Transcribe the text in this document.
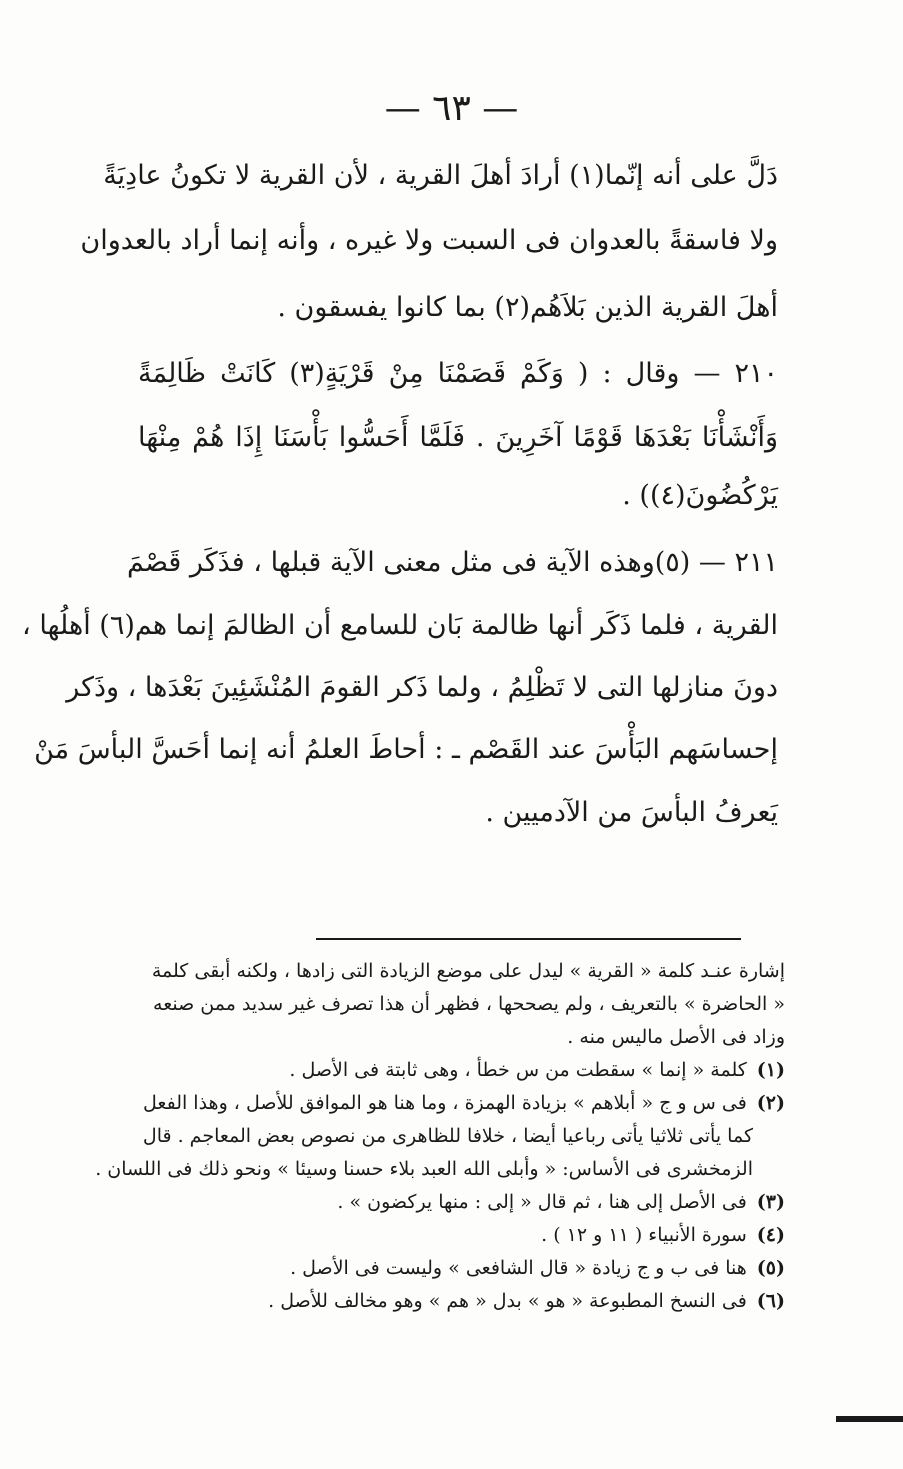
— ٦٣ —
دَلَّ على أنه إنّما(١) أرادَ أهلَ القرية ، لأن القرية لا تكونُ عادِيَةً
ولا فاسقةً بالعدوان فى السبت ولا غيره ، وأنه إنما أراد بالعدوان
أهلَ القرية الذين بَلاَهُم(٢) بما كانوا يفسقون .
٢١٠ — وقال : ( وَكَمْ قَصَمْنَا مِنْ قَرْيَةٍ(٣) كَانَتْ ظَالِمَةً
وَأَنْشَأْنَا بَعْدَهَا قَوْمًا آخَرِينَ . فَلَمَّا أَحَسُّوا بَأْسَنَا إِذَا هُمْ مِنْهَا
يَرْكُضُونَ(٤)) .
٢١١ — (٥)وهذه الآية فى مثل معنى الآية قبلها ، فذَكَر قَصْمَ
القرية ، فلما ذَكَر أنها ظالمة بَان للسامع أن الظالمَ إنما هم(٦) أهلُها ،
دونَ منازلها التى لا تَظْلِمُ ، ولما ذَكر القومَ المُنْشَئِينَ بَعْدَها ، وذَكر
إحساسَهم البَأْسَ عند القَصْم ـ : أحاطَ العلمُ أنه إنما أحَسَّ البأسَ مَنْ
يَعرفُ البأسَ من الآدميين .
إشارة عنـد كلمة « القرية » ليدل على موضع الزيادة التى زادها ، ولكنه أبقى كلمة
« الحاضرة » بالتعريف ، ولم يصححها ، فظهر أن هذا تصرف غير سديد ممن صنعه
وزاد فى الأصل ماليس منه .
(١)كلمة « إنما » سقطت من س خطأ ، وهى ثابتة فى الأصل .
(٢)فى س و ج « أبلاهم » بزيادة الهمزة ، وما هنا هو الموافق للأصل ، وهذا الفعل
كما يأتى ثلاثيا يأتى رباعيا أيضا ، خلافا للظاهرى من نصوص بعض المعاجم . قال
الزمخشرى فى الأساس: « وأبلى الله العبد بلاء حسنا وسيئا » ونحو ذلك فى اللسان .
(٣)فى الأصل إلى هنا ، ثم قال « إلى : منها يركضون » .
(٤)سورة الأنبياء ( ١١ و ١٢ ) .
(٥)هنا فى ب و ج زيادة « قال الشافعى » وليست فى الأصل .
(٦)فى النسخ المطبوعة « هو » بدل « هم » وهو مخالف للأصل .
